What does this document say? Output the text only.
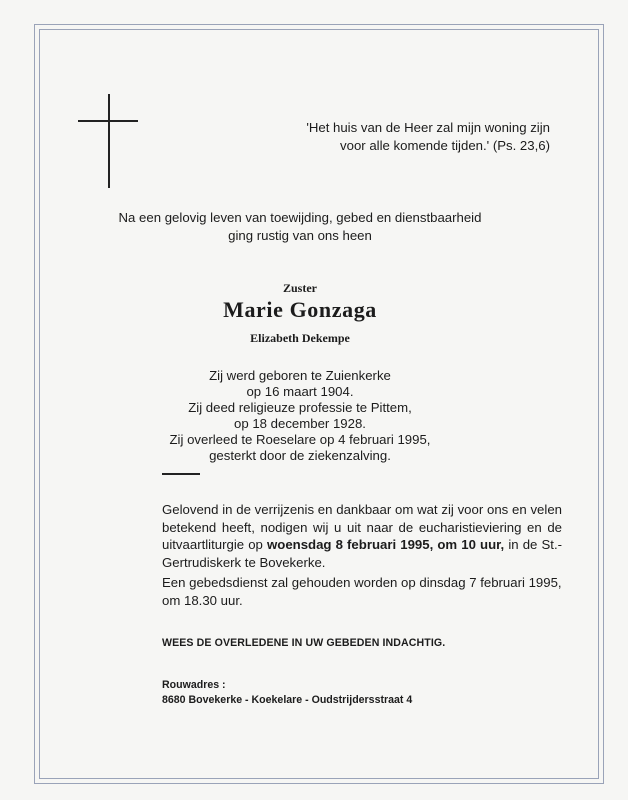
'Het huis van de Heer zal mijn woning zijn
voor alle komende tijden.' (Ps. 23,6)
Na een gelovig leven van toewijding, gebed en dienstbaarheid
ging rustig van ons heen
Zuster
Marie Gonzaga
Elizabeth Dekempe
Zij werd geboren te Zuienkerke
op 16 maart 1904.
Zij deed religieuze professie te Pittem,
op 18 december 1928.
Zij overleed te Roeselare op 4 februari 1995,
gesterkt door de ziekenzalving.
Gelovend in de verrijzenis en dankbaar om wat zij voor ons en velen betekend heeft, nodigen wij u uit naar de eucharistieviering en de uitvaartliturgie op woensdag 8 februari 1995, om 10 uur, in de St.- Gertrudiskerk te Bovekerke.
Een gebedsdienst zal gehouden worden op dinsdag 7 februari 1995, om 18.30 uur.
WEES DE OVERLEDENE IN UW GEBEDEN INDACHTIG.
Rouwadres :
8680 Bovekerke - Koekelare - Oudstrijdersstraat 4
